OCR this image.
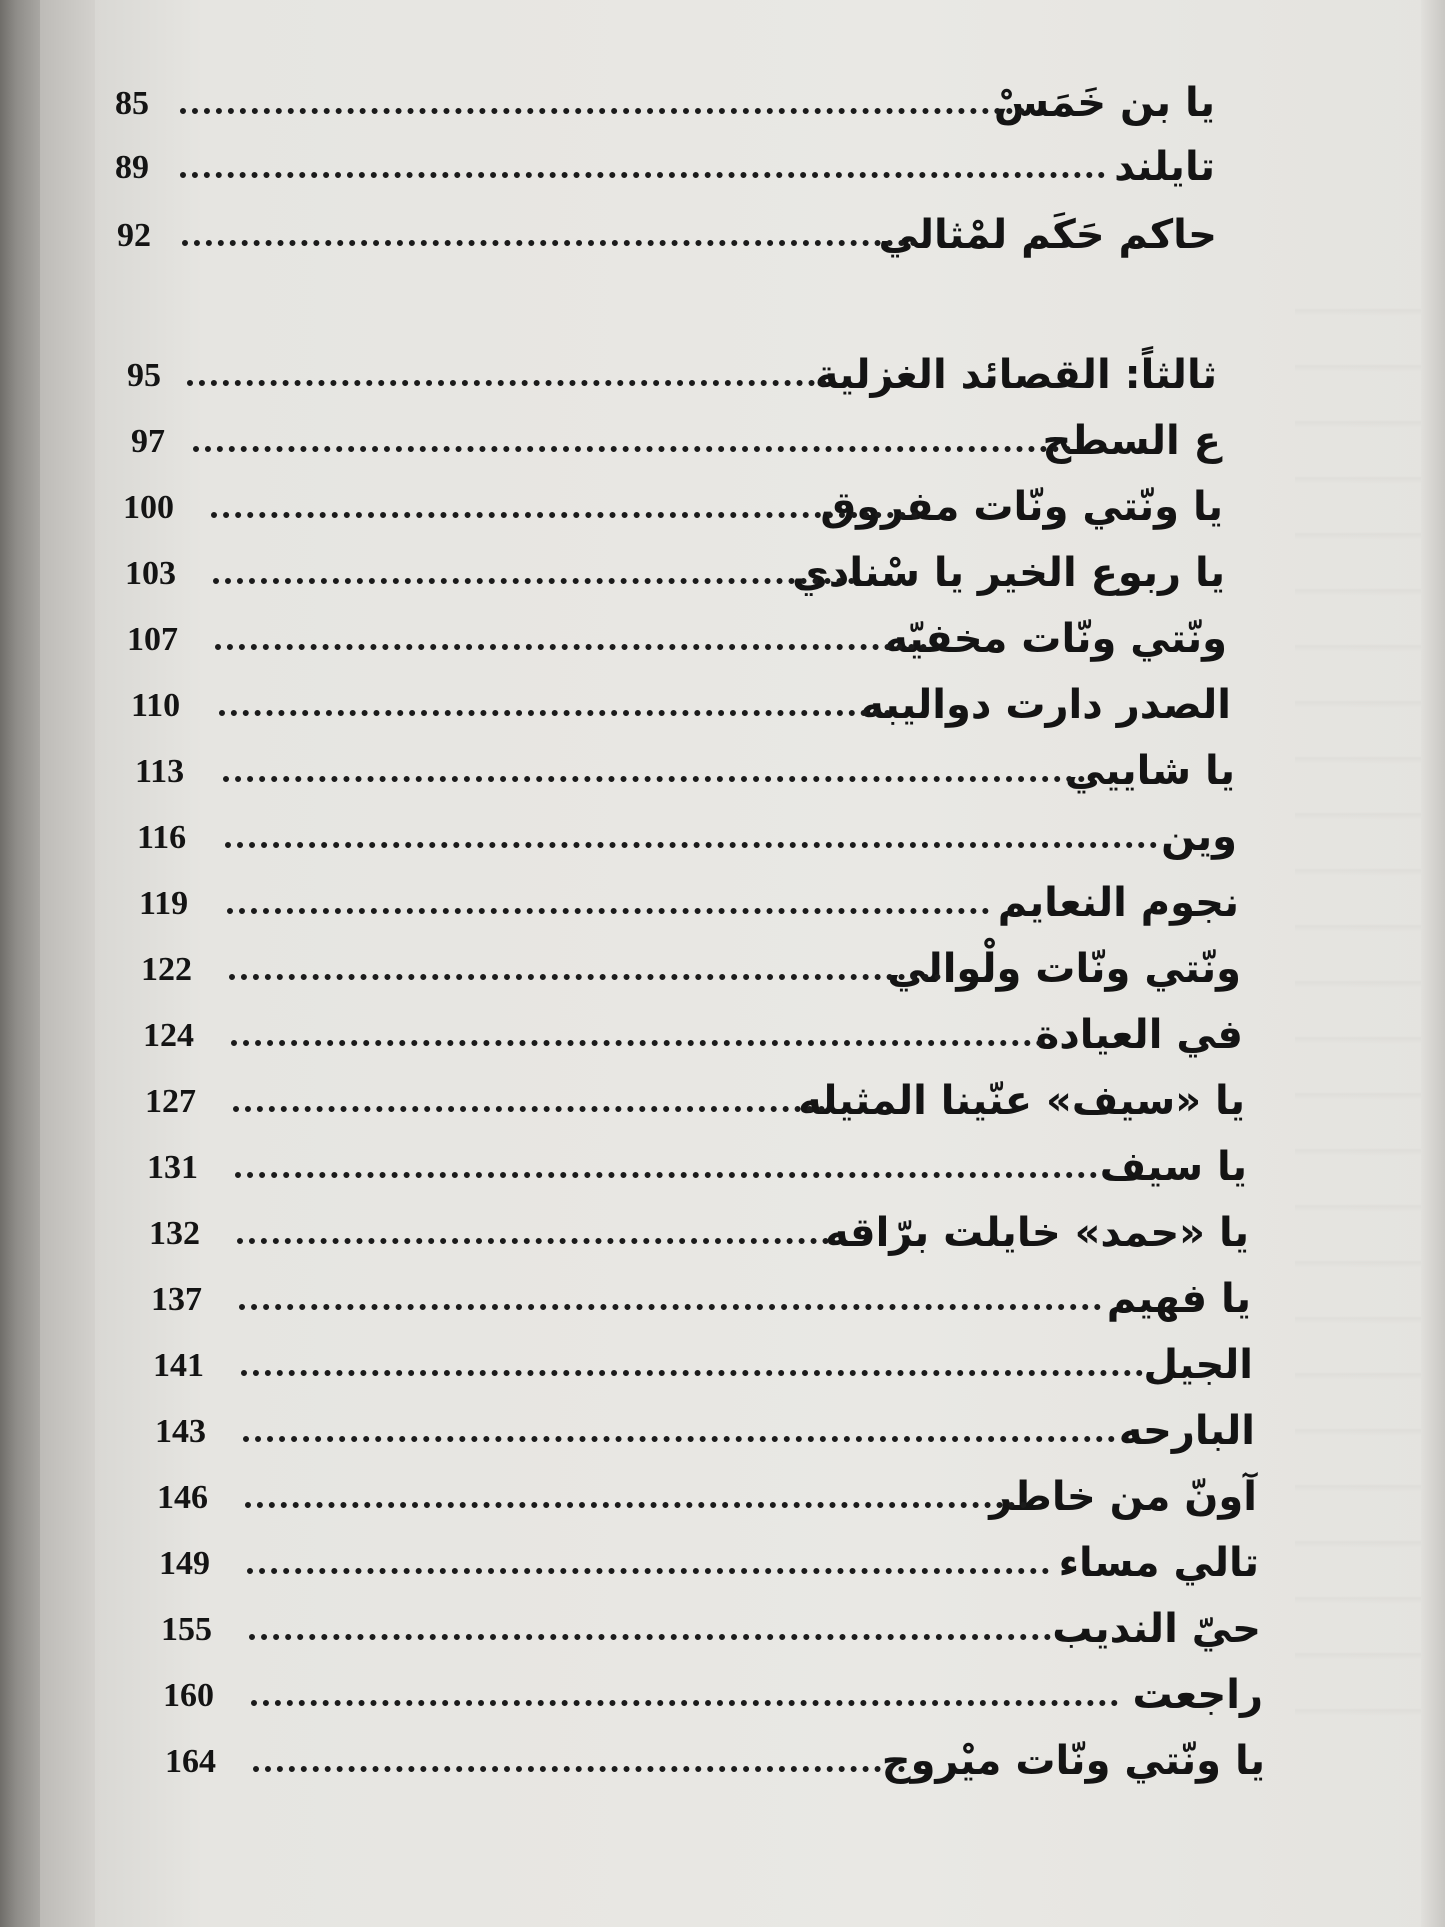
يا بن خَمَسْ
85
تايلند
89
حاكم حَكَم لمْثالي
92
ثالثاً: القصائد الغزلية
95
ع السطح
97
يا ونّتي ونّات مفروق
100
يا ربوع الخير يا سْنادي
103
ونّتي ونّات مخفيّه
107
الصدر دارت دواليبه
110
يا شاييي
113
وين
116
نجوم النعايم
119
ونّتي ونّات ولْوالي
122
في العيادة
124
يا «سيف» عنّينا المثيله
127
يا سيف
131
يا «حمد» خايلت برّاقه
132
يا فهيم
137
الجيل
141
البارحه
143
آونّ من خاطر
146
تالي مساء
149
حيّ النديب
155
راجعت
160
يا ونّتي ونّات ميْروح
164
